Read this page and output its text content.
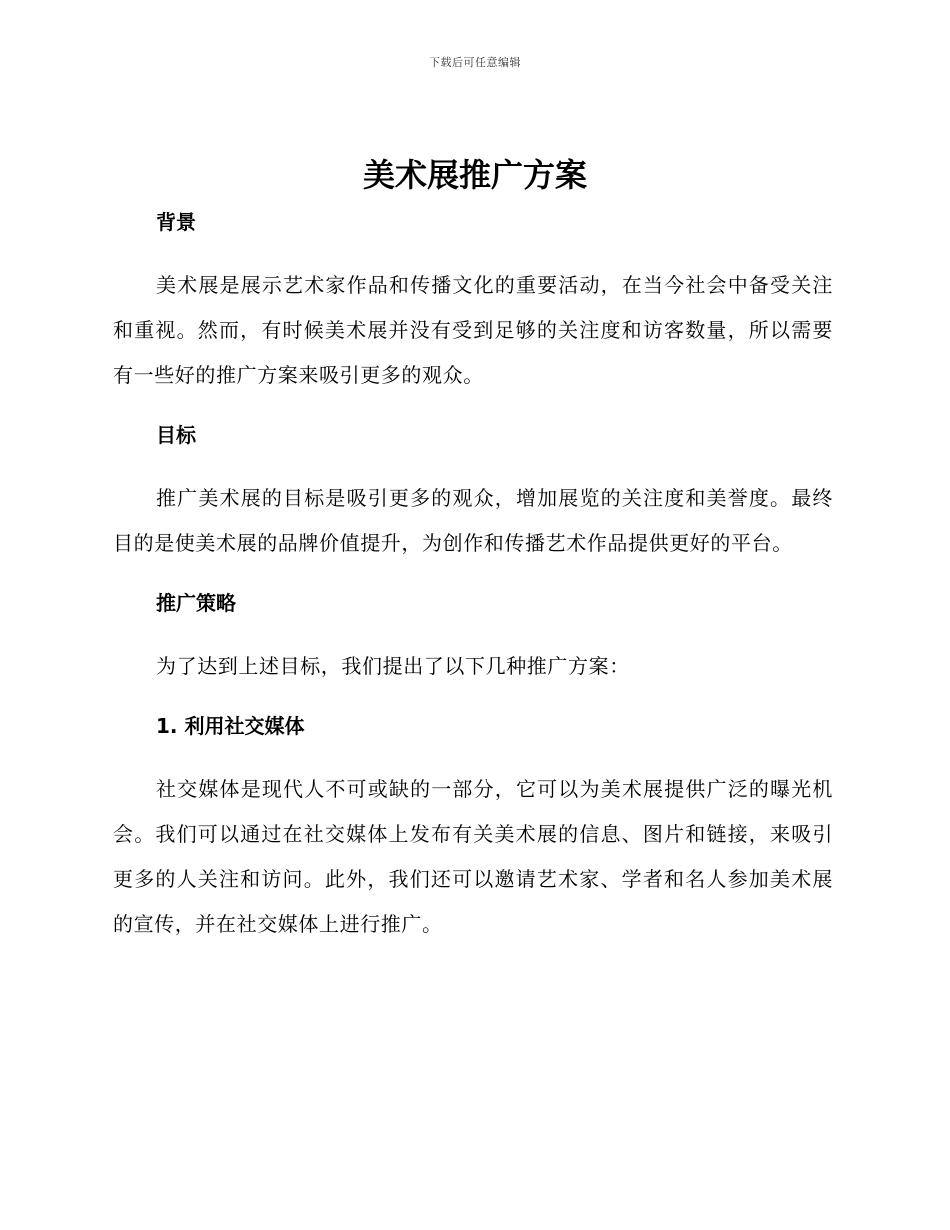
下载后可任意编辑
美术展推广方案
背景

美术展是展示艺术家作品和传播文化的重要活动，在当今社会中备受关注和重视。然而，有时候美术展并没有受到足够的关注度和访客数量，所以需要有一些好的推广方案来吸引更多的观众。

目标

推广美术展的目标是吸引更多的观众，增加展览的关注度和美誉度。最终目的是使美术展的品牌价值提升，为创作和传播艺术作品提供更好的平台。

推广策略

为了达到上述目标，我们提出了以下几种推广方案：

1. 利用社交媒体

社交媒体是现代人不可或缺的一部分，它可以为美术展提供广泛的曝光机会。我们可以通过在社交媒体上发布有关美术展的信息、图片和链接，来吸引更多的人关注和访问。此外，我们还可以邀请艺术家、学者和名人参加美术展的宣传，并在社交媒体上进行推广。
